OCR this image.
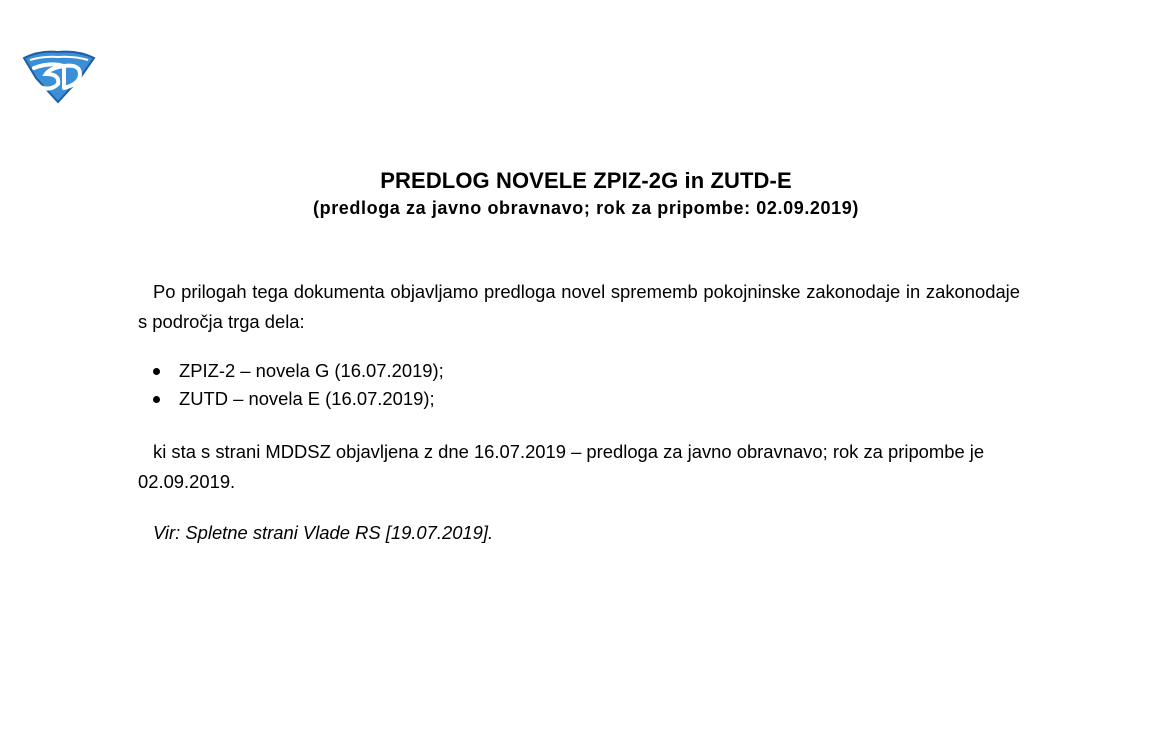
PREDLOG NOVELE ZPIZ-2G in ZUTD-E
(predloga za javno obravnavo; rok za pripombe: 02.09.2019)
Po prilogah tega dokumenta objavljamo predloga novel sprememb pokojninske zakonodaje in zakonodaje s področja trga dela:
ZPIZ-2 – novela G (16.07.2019);
ZUTD – novela E (16.07.2019);
ki sta s strani MDDSZ objavljena z dne 16.07.2019 – predloga za javno obravnavo; rok za pripombe je 02.09.2019.
Vir: Spletne strani Vlade RS [19.07.2019].
